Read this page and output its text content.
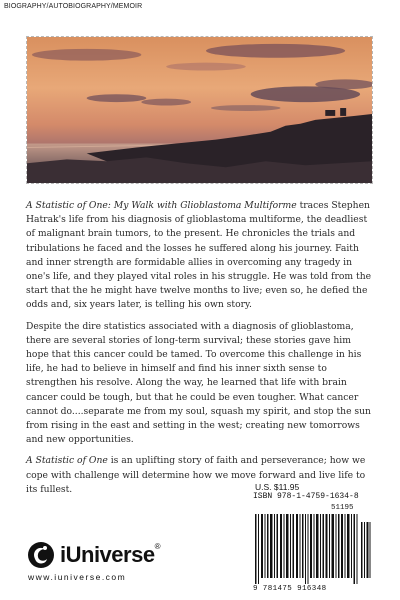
BIOGRAPHY/AUTOBIOGRAPHY/MEMOIR

A Statistic of One: My Walk with Glioblastoma Multiforme traces Stephen Hatrak's life from his diagnosis of glioblastoma multiforme, the deadliest of malignant brain tumors, to the present. He chronicles the trials and tribulations he faced and the losses he suffered along his journey. Faith and inner strength are formidable allies in overcoming any tragedy in one's life, and they played vital roles in his struggle. He was told from the start that the he might have twelve months to live; even so, he defied the odds and, six years later, is telling his own story.

Despite the dire statistics associated with a diagnosis of glioblastoma, there are several stories of long-term survival; these stories gave him hope that this cancer could be tamed. To overcome this challenge in his life, he had to believe in himself and find his inner sixth sense to strengthen his resolve. Along the way, he learned that life with brain cancer could be tough, but that he could be even tougher. What cancer cannot do....separate me from my soul, squash my spirit, and stop the sun from rising in the east and setting in the west; creating new tomorrows and new opportunities.

A Statistic of One is an uplifting story of faith and perseverance; how we cope with challenge will determine how we move forward and live life to its fullest.	U.S. $11.95
ISBN 978-1-4759-1634-8
51195
9 781475 916348
iUniverse®
www.iuniverse.com
